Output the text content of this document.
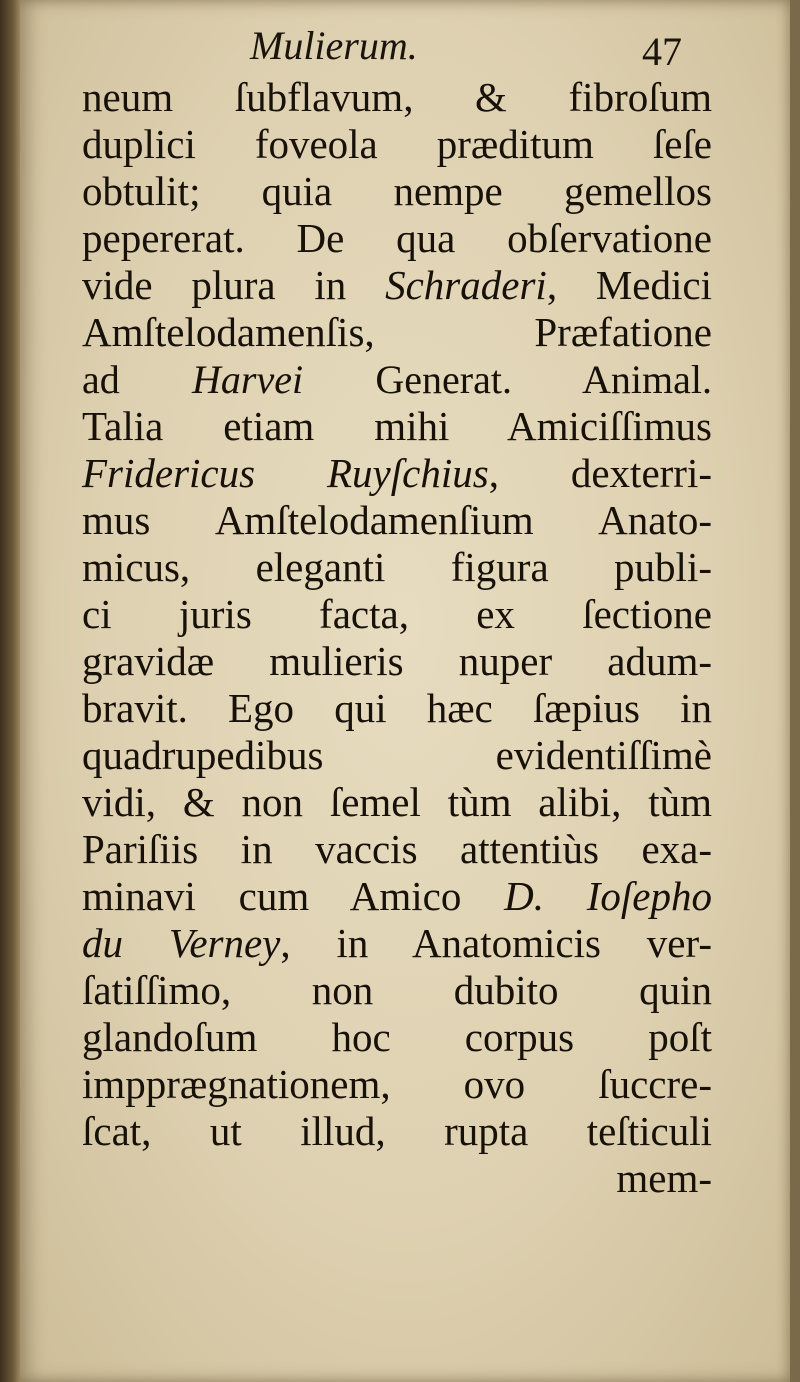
Mulierum.	47
neum ſubflavum, & fibroſum
duplici foveola præditum ſeſe
obtulit; quia nempe gemellos
pepererat. De qua obſervatione
vide plura in Schraderi, Medici
Amſtelodamenſis, Præfatione
ad Harvei Generat. Animal.
Talia etiam mihi Amiciſſimus
Fridericus Ruyſchius, dexterri-
mus Amſtelodamenſium Anato-
micus, eleganti figura publi-
ci juris facta, ex ſectione
gravidæ mulieris nuper adum-
bravit. Ego qui hæc ſæpius in
quadrupedibus evidentiſſimè
vidi, & non ſemel tùm alibi, tùm
Pariſiis in vaccis attentiùs exa-
minavi cum Amico D. Ioſepho
du Verney, in Anatomicis ver-
ſatiſſimo, non dubito quin
glandoſum hoc corpus poſt
impprægnationem, ovo ſuccre-
ſcat, ut illud, rupta teſticuli
mem-
